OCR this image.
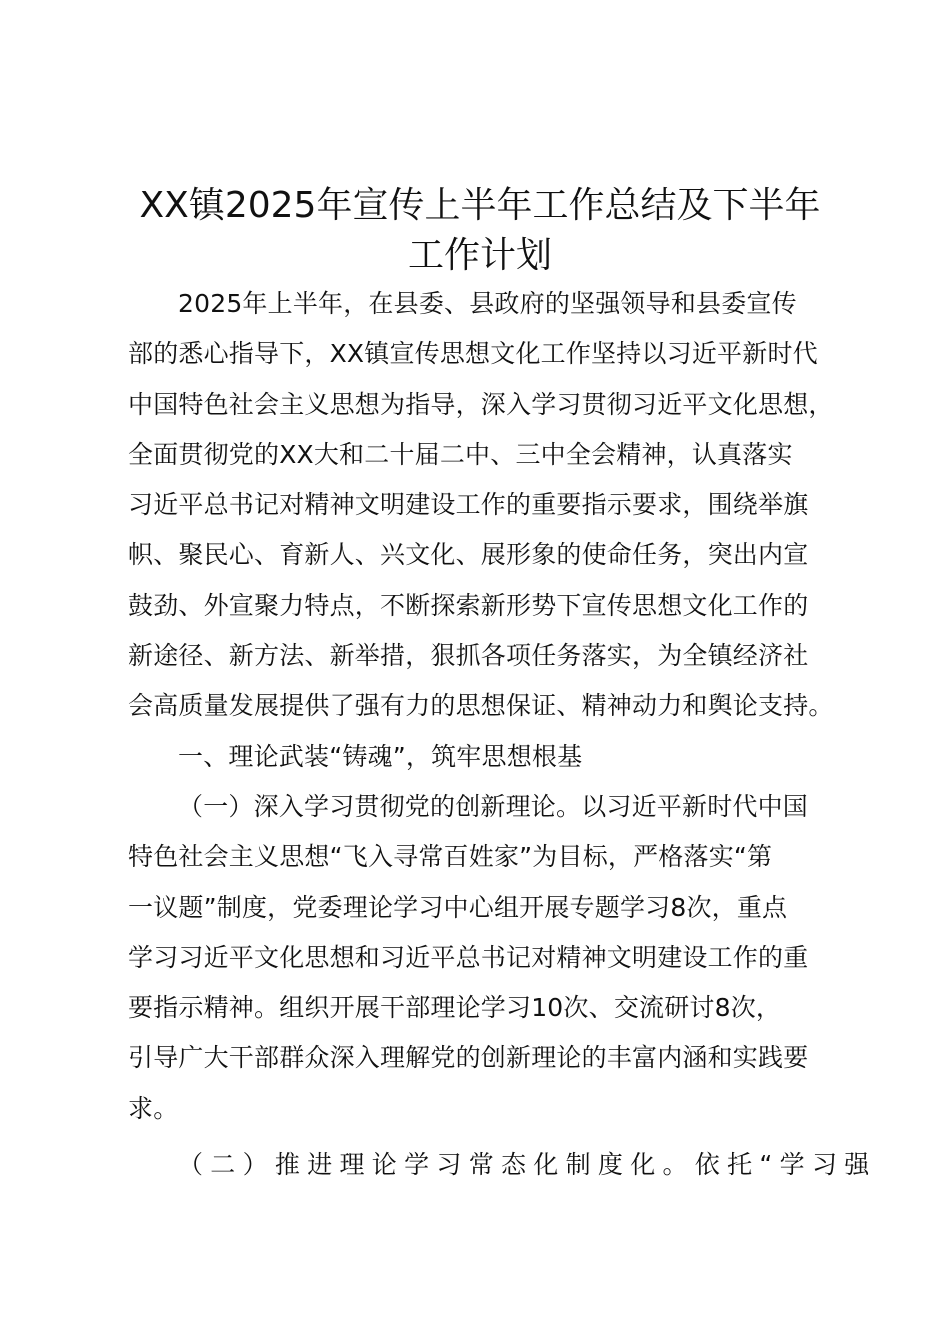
XX镇2025年宣传上半年工作总结及下半年
工作计划
2025年上半年，在县委、县政府的坚强领导和县委宣传
部的悉心指导下，XX镇宣传思想文化工作坚持以习近平新时代
中国特色社会主义思想为指导，深入学习贯彻习近平文化思想，
全面贯彻党的XX大和二十届二中、三中全会精神，认真落实
习近平总书记对精神文明建设工作的重要指示要求，围绕举旗
帜、聚民心、育新人、兴文化、展形象的使命任务，突出内宣
鼓劲、外宣聚力特点，不断探索新形势下宣传思想文化工作的
新途径、新方法、新举措，狠抓各项任务落实，为全镇经济社
会高质量发展提供了强有力的思想保证、精神动力和舆论支持。
一、理论武装“铸魂”，筑牢思想根基
（一）深入学习贯彻党的创新理论。以习近平新时代中国
特色社会主义思想“飞入寻常百姓家”为目标，严格落实“第
一议题”制度，党委理论学习中心组开展专题学习8次，重点
学习习近平文化思想和习近平总书记对精神文明建设工作的重
要指示精神。组织开展干部理论学习10次、交流研讨8次，
引导广大干部群众深入理解党的创新理论的丰富内涵和实践要
求。
（二）推进理论学习常态化制度化。依托“学习强
